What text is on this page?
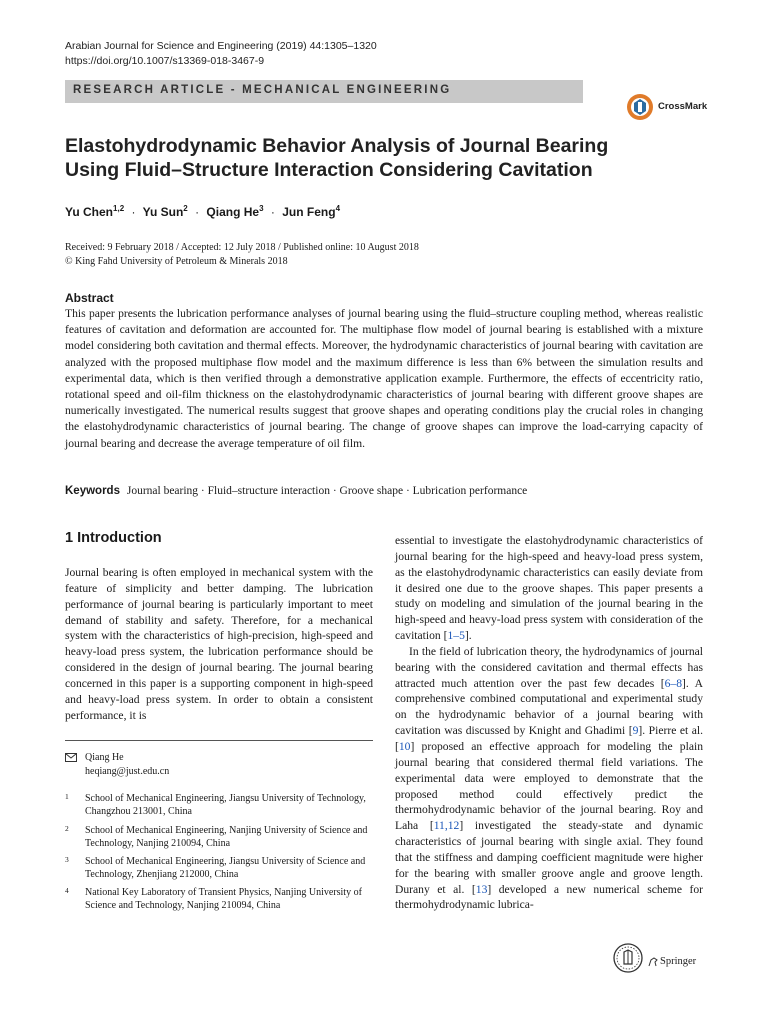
Arabian Journal for Science and Engineering (2019) 44:1305–1320
https://doi.org/10.1007/s13369-018-3467-9
RESEARCH ARTICLE - MECHANICAL ENGINEERING
CrossMark
Elastohydrodynamic Behavior Analysis of Journal Bearing Using Fluid–Structure Interaction Considering Cavitation
Yu Chen$^{1,2}$ · Yu Sun$^2$ · Qiang $He^3$ · Jun Feng$^4$
Received: 9 February 2018 / Accepted: 12 July 2018 / Published online: 10 August 2018
© King Fahd University of Petroleum & Minerals 2018
Abstract

This paper presents the lubrication performance analyses of journal bearing using the fluid–structure coupling method, whereas realistic features of cavitation and deformation are accounted for. The multiphase flow model of journal bearing is established with a mixture model considering both cavitation and thermal effects. Moreover, the hydrodynamic characteristics of journal bearing with cavitation are analyzed with the proposed multiphase flow model and the maximum difference is less than 6% between the simulation results and experimental data, which is then verified through a demonstrative application example. Furthermore, the effects of eccentricity ratio, rotational speed and oil-film thickness on the elastohydrodynamic characteristics of journal bearing with different groove shapes are numerically investigated. The numerical results suggest that groove shapes and operating conditions play the crucial roles in changing the elastohydrodynamic characteristics of journal bearing. The change of groove shapes can improve the load-carrying capacity of journal bearing and decrease the average temperature of oil film.

Keywords Journal bearing · Fluid–structure interaction · Groove shape · Lubrication performance
1 Introduction

Journal bearing is often employed in mechanical system with the feature of simplicity and better damping. The lubrication performance of journal bearing is particularly important to meet demand of stability and safety. Therefore, for a mechanical system with the characteristics of high-precision, high-speed and heavy-load press system, the lubrication performance should be considered in the design of journal bearing. The journal bearing concerned in this paper is a supporting component in high-speed and heavy-load press system. In order to obtain a consistent performance, it is

essential to investigate the elastohydrodynamic characteristics of journal bearing for the high-speed and heavy-load press system, as the elastohydrodynamic characteristics can easily deviate from it desired one due to the groove shapes. This paper presents a study on modeling and simulation of the journal bearing in the high-speed and heavy-load press system with consideration of the cavitation [1–5].
In the field of lubrication theory, the hydrodynamics of journal bearing with the considered cavitation and thermal effects has attracted much attention over the past few decades [6–8]. A comprehensive combined computational and experimental study on the hydrodynamic behavior of a journal bearing with cavitation was discussed by Knight and Ghadimi [9]. Pierre et al. [10] proposed an effective approach for modeling the plain journal bearing that considered thermal field variations. The experimental data were employed to demonstrate that the proposed method could effectively predict the thermohydrodynamic behavior of the journal bearing. Roy and Laha [11,12] investigated the steady-state and dynamic characteristics of journal bearing with single axial. They found that the stiffness and damping coefficient magnitude were higher for the bearing with smaller groove angle and groove length. Durany et al. [13] developed a new numerical scheme for thermohydrodynamic lubrica-
Qiang He
heqiang@just.edu.cn
1 School of Mechanical Engineering, Jiangsu University of Technology, Changzhou 213001, China
2 School of Mechanical Engineering, Nanjing University of Science and Technology, Nanjing 210094, China
3 School of Mechanical Engineering, Jiangsu University of Science and Technology, Zhenjiang 212000, China
4 National Key Laboratory of Transient Physics, Nanjing University of Science and Technology, Nanjing 210094, China
Springer
